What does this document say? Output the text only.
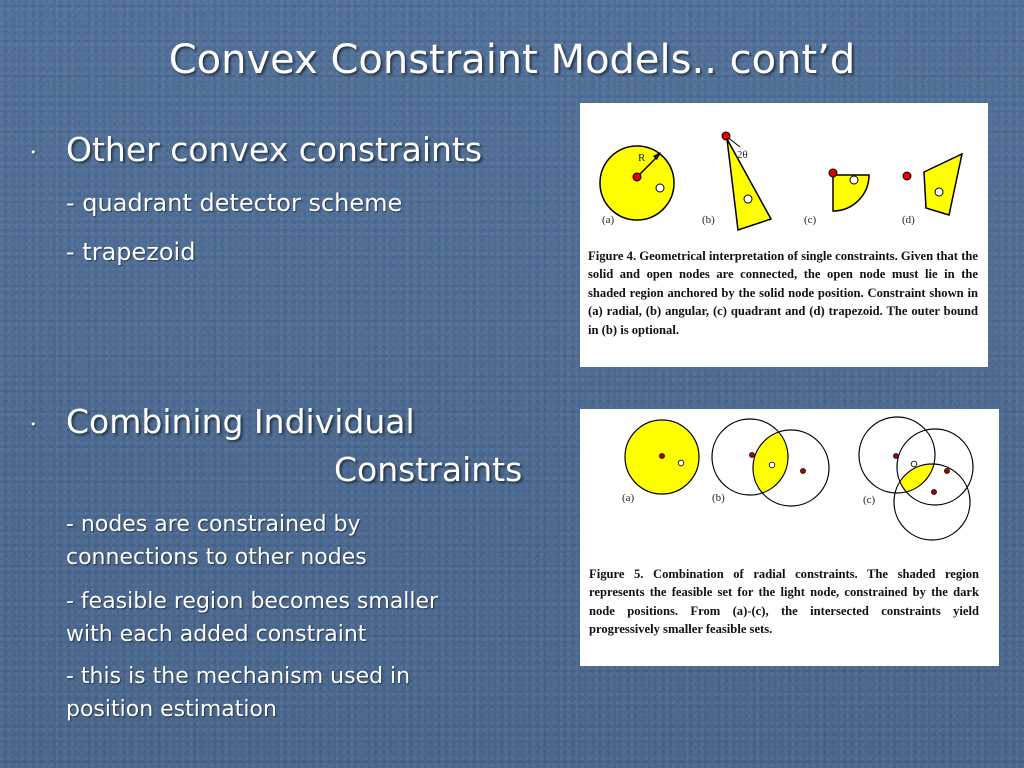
Convex Constraint Models.. cont’d
• Other convex constraints
- quadrant detector scheme
- trapezoid
• Combining Individual
Constraints
- nodes are constrained by
connections to other nodes
- feasible region becomes smaller
with each added constraint
- this is the mechanism used in
position estimation
R
(a)
2θ
(b)	(c)	(d)
Figure 4. Geometrical interpretation of single constraints. Given that the solid and open nodes are connected, the open node must lie in the shaded region anchored by the solid node position. Constraint shown in (a) radial, (b) angular, (c) quadrant and (d) trapezoid. The outer bound in (b) is optional.
(a)	(b)	(c)
Figure 5. Combination of radial constraints. The shaded region represents the feasible set for the light node, constrained by the dark node positions. From (a)-(c), the intersected constraints yield progressively smaller feasible sets.
